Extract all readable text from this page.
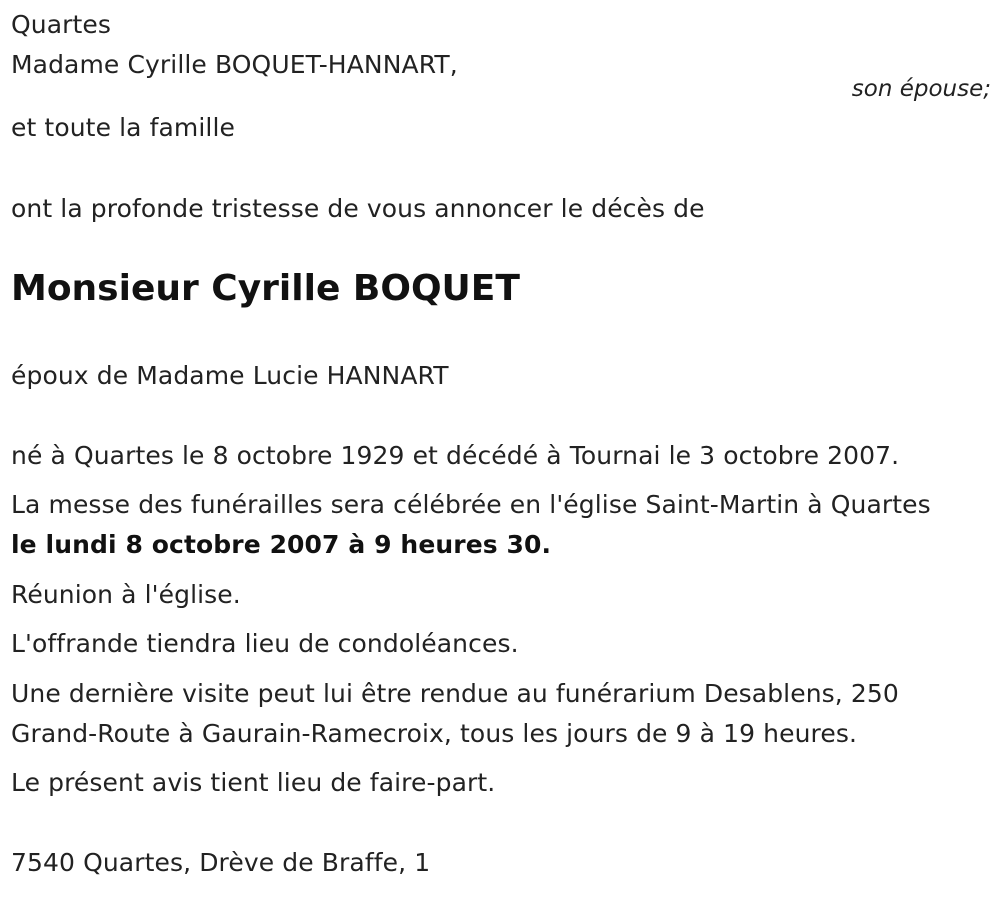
Quartes
Madame Cyrille BOQUET-HANNART,
son épouse;
et toute la famille
ont la profonde tristesse de vous annoncer le décès de
Monsieur Cyrille BOQUET
époux de Madame Lucie HANNART
né à Quartes le 8 octobre 1929 et décédé à Tournai le 3 octobre 2007.
La messe des funérailles sera célébrée en l'église Saint-Martin à Quartes
le lundi 8 octobre 2007 à 9 heures 30.
Réunion à l'église.
L'offrande tiendra lieu de condoléances.
Une dernière visite peut lui être rendue au funérarium Desablens, 250
Grand-Route à Gaurain-Ramecroix, tous les jours de 9 à 19 heures.
Le présent avis tient lieu de faire-part.
7540 Quartes, Drève de Braffe, 1
